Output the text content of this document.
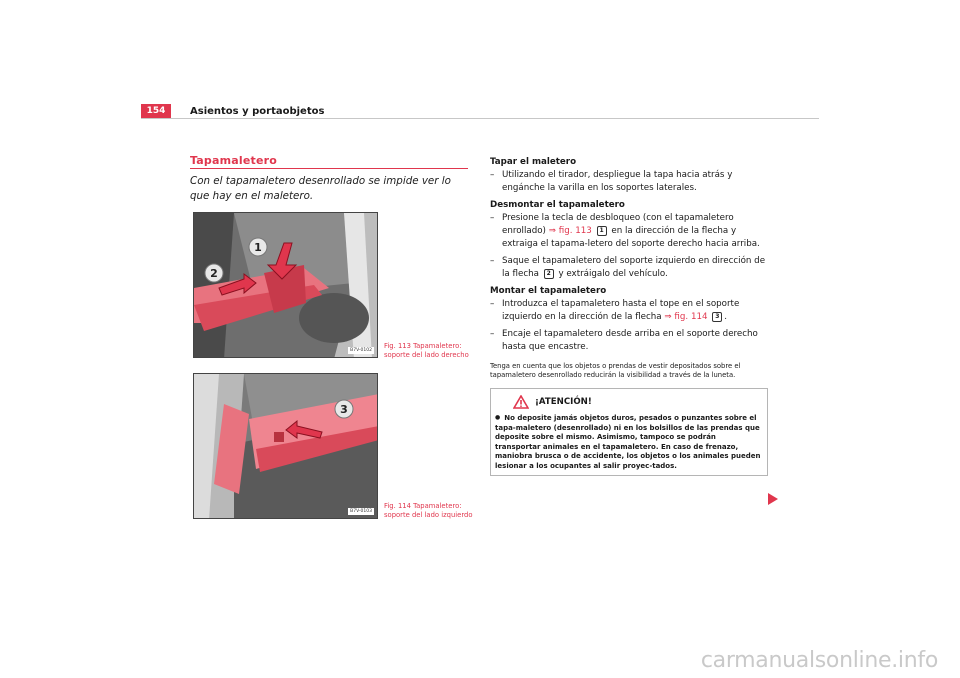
154	Asientos y portaobjetos
Tapamaletero
Con el tapamaletero desenrollado se impide ver lo que hay en el maletero.
1
2
B7V-0102
Fig. 113 Tapamaletero:
soporte del lado derecho
3
B7V-0103
Fig. 114 Tapamaletero:
soporte del lado izquierdo
Tapar el maletero
– Utilizando el tirador, despliegue la tapa hacia atrás y engánche la varilla en los soportes laterales.
Desmontar el tapamaletero
– Presione la tecla de desbloqueo (con el tapamaletero enrollado) ⇒ fig. 113 1 en la dirección de la flecha y extraiga el tapama-letero del soporte derecho hacia arriba.
– Saque el tapamaletero del soporte izquierdo en dirección de la flecha 2 y extráigalo del vehículo.
Montar el tapamaletero
– Introduzca el tapamaletero hasta el tope en el soporte izquierdo en la dirección de la flecha ⇒ fig. 114 3 .
– Encaje el tapamaletero desde arriba en el soporte derecho hasta que encastre.
Tenga en cuenta que los objetos o prendas de vestir depositados sobre el tapamaletero desenrollado reducirán la visibilidad a través de la luneta.
¡ATENCIÓN!
● No deposite jamás objetos duros, pesados o punzantes sobre el tapa-maletero (desenrollado) ni en los bolsillos de las prendas que deposite sobre el mismo. Asimismo, tampoco se podrán transportar animales en el tapamaletero. En caso de frenazo, maniobra brusca o de accidente, los objetos o los animales pueden lesionar a los ocupantes al salir proyec-tados.
carmanualsonline.info
